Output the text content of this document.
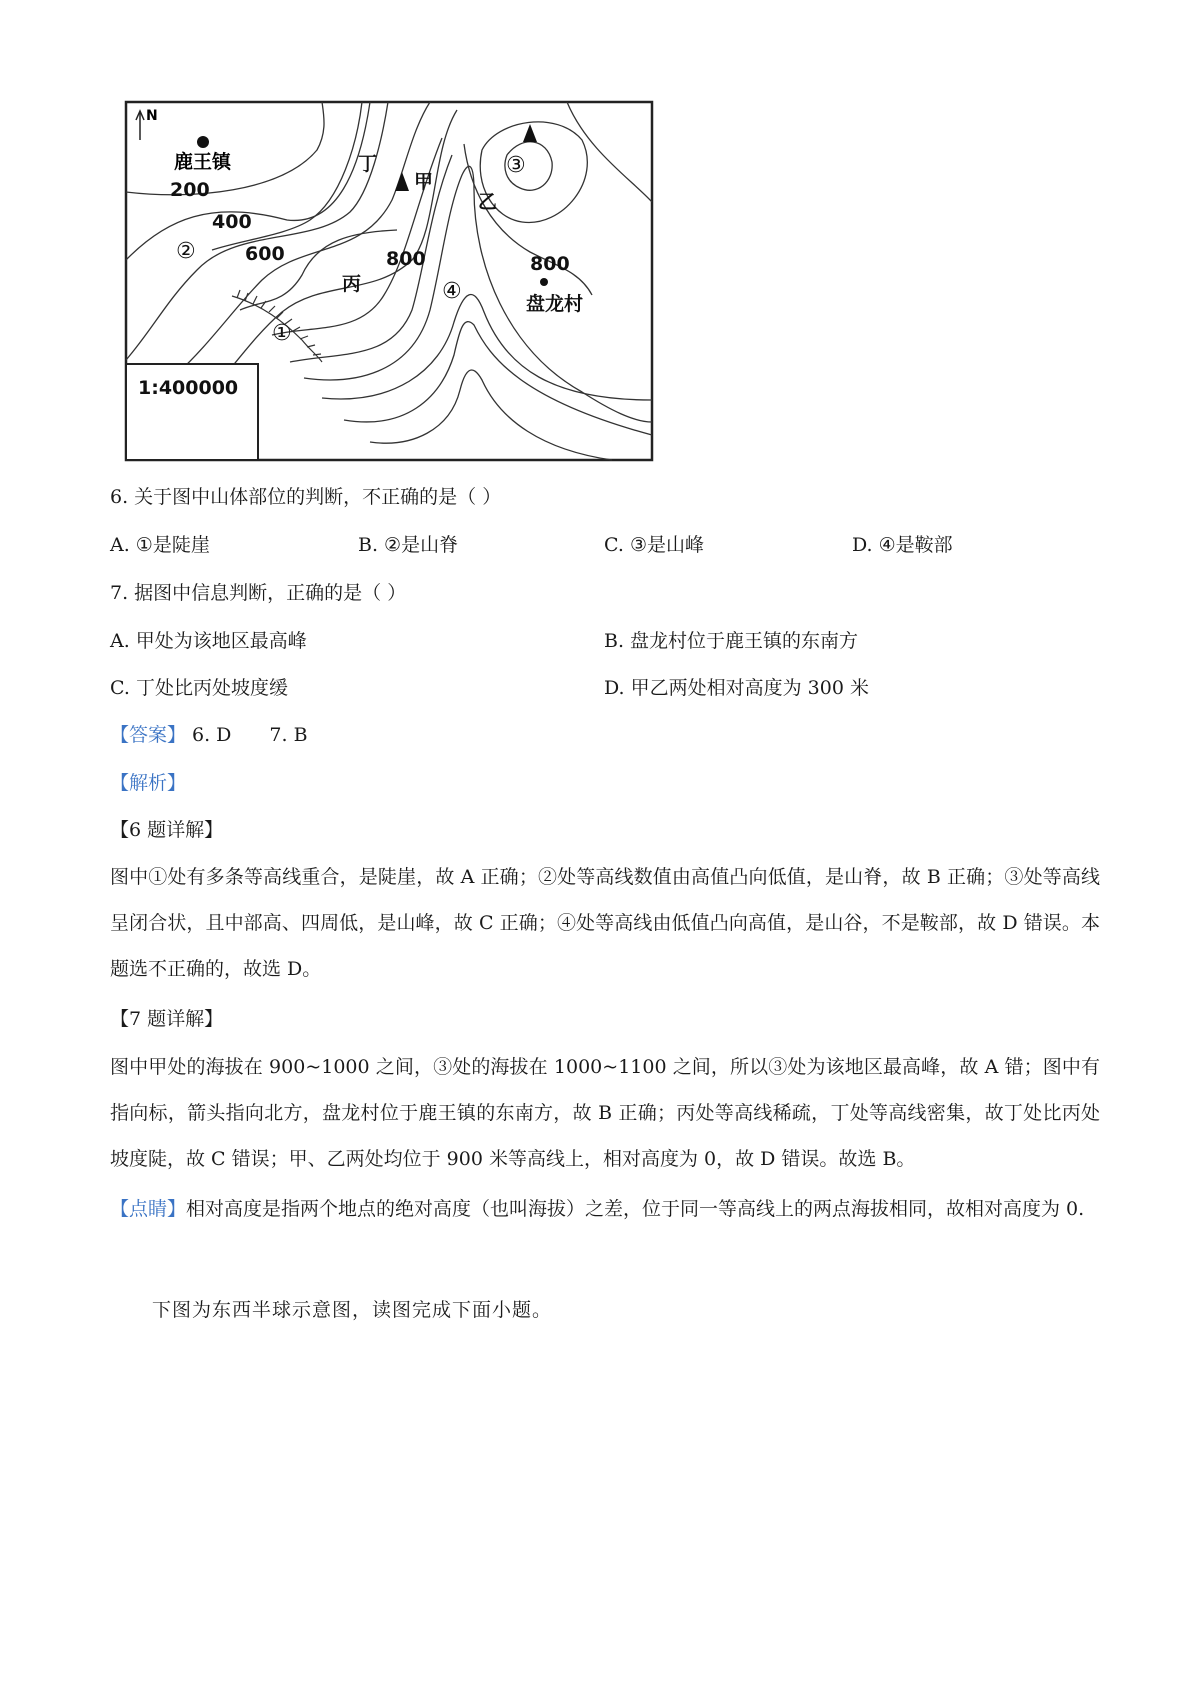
N
鹿王镇
200
400
600	800	800
丁
甲
乙
丙
盘龙村
①
②
③
④
1:400000
6. 关于图中山体部位的判断，不正确的是（ ）
A. ①是陡崖	B. ②是山脊	C. ③是山峰	D. ④是鞍部
7. 据图中信息判断，正确的是（ ）
A. 甲处为该地区最高峰	B. 盘龙村位于鹿王镇的东南方
C. 丁处比丙处坡度缓	D. 甲乙两处相对高度为 300 米
【答案】 6. D 7. B
【解析】
【6 题详解】
图中①处有多条等高线重合，是陡崖，故 A 正确；②处等高线数值由高值凸向低值，是山脊，故 B 正确；③处等高线呈闭合状，且中部高、四周低，是山峰，故 C 正确；④处等高线由低值凸向高值，是山谷，不是鞍部，故 D 错误。本题选不正确的，故选 D。
【7 题详解】
图中甲处的海拔在 900~1000 之间，③处的海拔在 1000~1100 之间，所以③处为该地区最高峰，故 A 错；图中有指向标，箭头指向北方，盘龙村位于鹿王镇的东南方，故 B 正确；丙处等高线稀疏，丁处等高线密集，故丁处比丙处坡度陡，故 C 错误；甲、乙两处均位于 900 米等高线上，相对高度为 0，故 D 错误。故选 B。
【点睛】相对高度是指两个地点的绝对高度（也叫海拔）之差，位于同一等高线上的两点海拔相同，故相对高度为 0.
下图为东西半球示意图，读图完成下面小题。
